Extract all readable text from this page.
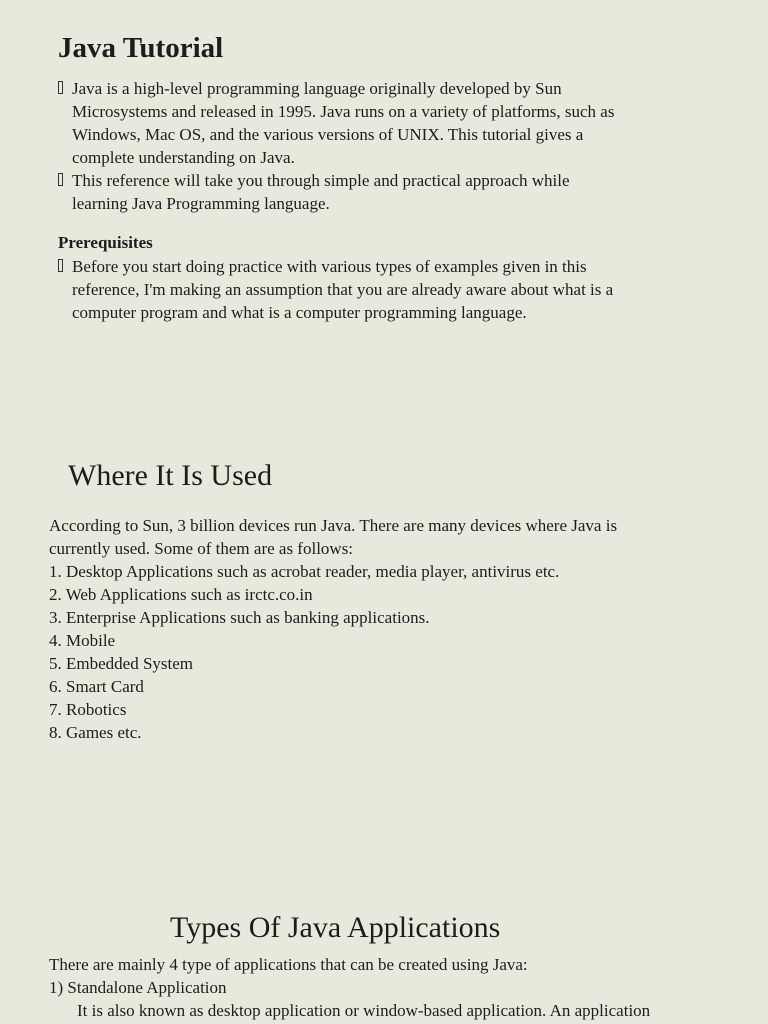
Java Tutorial
Java is a high-level programming language originally developed by Sun
Microsystems and released in 1995. Java runs on a variety of platforms, such as
Windows, Mac OS, and the various versions of UNIX. This tutorial gives a
complete understanding on Java.
This reference will take you through simple and practical approach while
learning Java Programming language.
Prerequisites
Before you start doing practice with various types of examples given in this
reference, I'm making an assumption that you are already aware about what is a
computer program and what is a computer programming language.
Where It Is Used
According to Sun, 3 billion devices run Java. There are many devices where Java is
currently used. Some of them are as follows:
1. Desktop Applications such as acrobat reader, media player, antivirus etc.
2. Web Applications such as irctc.co.in
3. Enterprise Applications such as banking applications.
4. Mobile
5. Embedded System
6. Smart Card
7. Robotics
8. Games etc.
Types Of Java Applications
There are mainly 4 type of applications that can be created using Java:
1) Standalone Application
It is also known as desktop application or window-based application. An application
